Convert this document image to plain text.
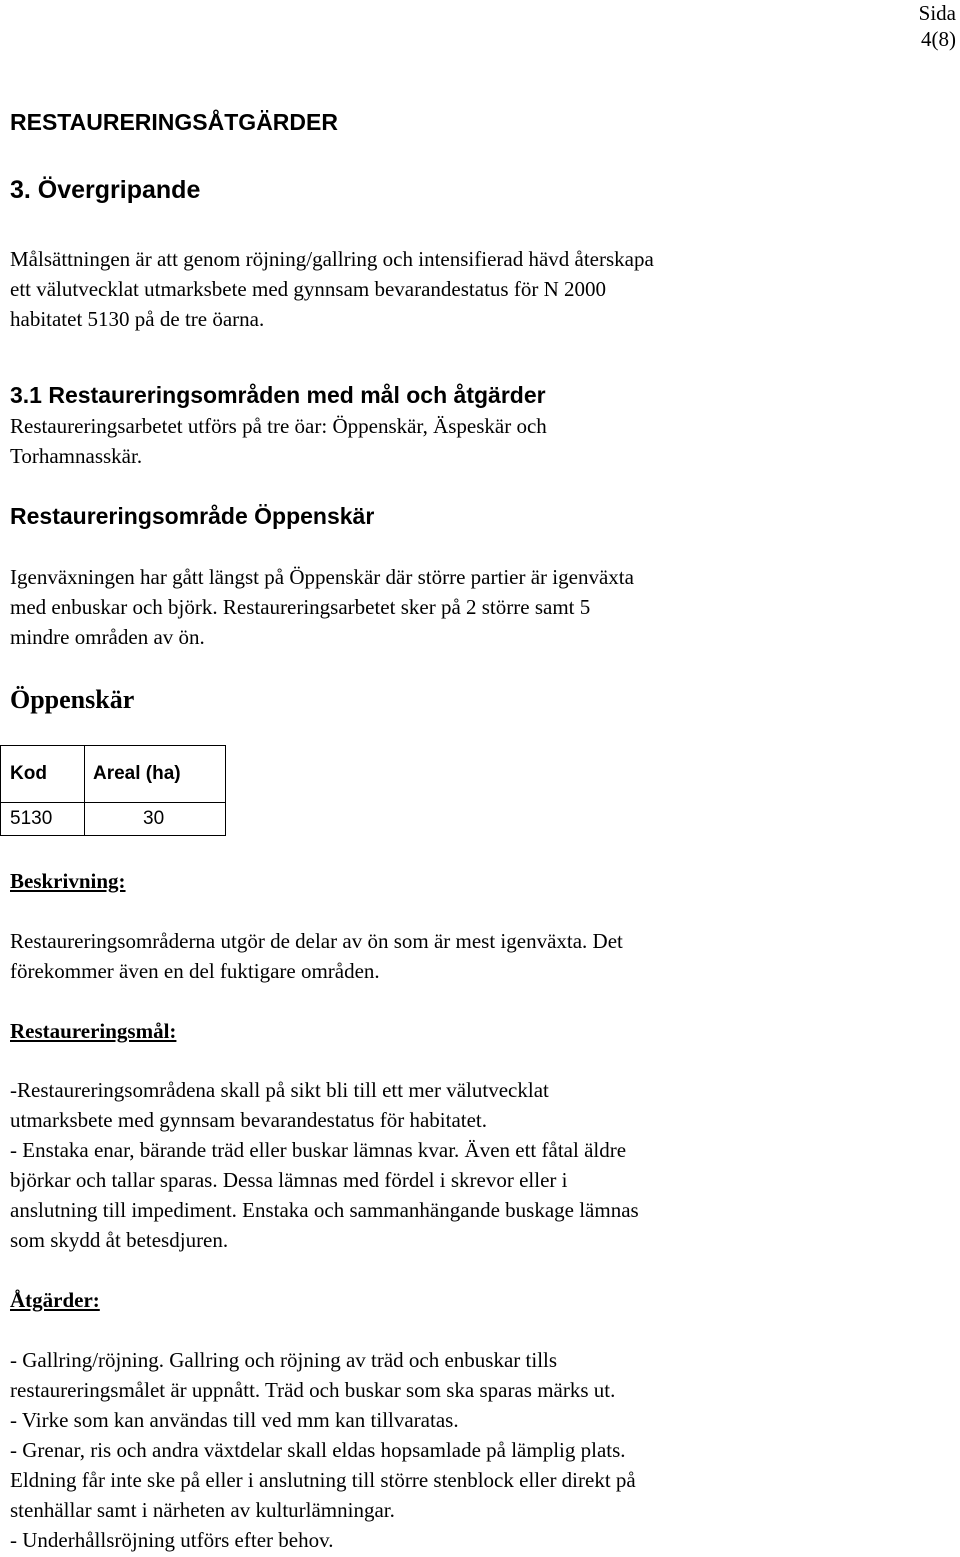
Sida
4(8)
RESTAURERINGSÅTGÄRDER
3. Övergripande
Målsättningen är att genom röjning/gallring och intensifierad hävd återskapa
ett välutvecklat utmarksbete med gynnsam bevarandestatus för N 2000
habitatet 5130 på de tre öarna.
3.1 Restaureringsområden med mål och åtgärder
Restaureringsarbetet utförs på tre öar: Öppenskär, Äspeskär och
Torhamnasskär.
Restaureringsområde Öppenskär
Igenväxningen har gått längst på Öppenskär där större partier är igenväxta
med enbuskar och björk. Restaureringsarbetet sker på 2 större samt 5
mindre områden av ön.
Öppenskär
Kod	Areal (ha)
5130	30
Beskrivning:
Restaureringsområderna utgör de delar av ön som är mest igenväxta. Det
förekommer även en del fuktigare områden.
Restaureringsmål:
-Restaureringsområdena skall på sikt bli till ett mer välutvecklat
utmarksbete med gynnsam bevarandestatus för habitatet.
- Enstaka enar, bärande träd eller buskar lämnas kvar. Även ett fåtal äldre
björkar och tallar sparas. Dessa lämnas med fördel i skrevor eller i
anslutning till impediment. Enstaka och sammanhängande buskage lämnas
som skydd åt betesdjuren.
Åtgärder:
- Gallring/röjning. Gallring och röjning av träd och enbuskar tills
restaureringsmålet är uppnått. Träd och buskar som ska sparas märks ut.
- Virke som kan användas till ved mm kan tillvaratas.
- Grenar, ris och andra växtdelar skall eldas hopsamlade på lämplig plats.
Eldning får inte ske på eller i anslutning till större stenblock eller direkt på
stenhällar samt i närheten av kulturlämningar.
- Underhållsröjning utförs efter behov.
